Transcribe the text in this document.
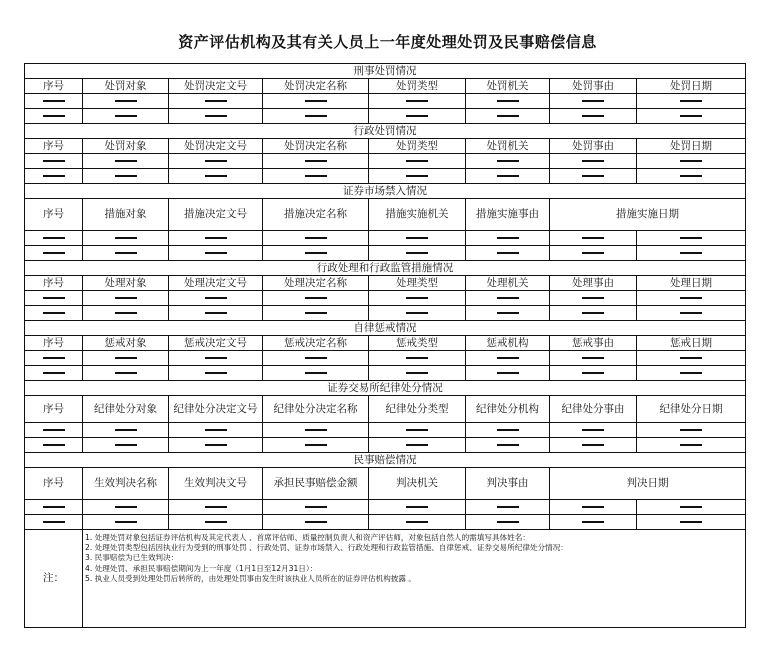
资产评估机构及其有关人员上一年度处理处罚及民事赔偿信息
刑事处罚情况							
序号	处罚对象	处罚决定文号	处罚决定名称	处罚类型	处罚机关	处罚事由	处罚日期

行政处罚情况							
序号	处罚对象	处罚决定文号	处罚决定名称	处罚类型	处罚机关	处罚事由	处罚日期

证券市场禁入情况							
序号	措施对象	措施决定文号	措施决定名称	措施实施机关	措施实施事由	措施实施日期	

行政处理和行政监管措施情况							
序号	处理对象	处理决定文号	处理决定名称	处理类型	处理机关	处理事由	处理日期

自律惩戒情况							
序号	惩戒对象	惩戒决定文号	惩戒决定名称	惩戒类型	惩戒机构	惩戒事由	惩戒日期

证券交易所纪律处分情况							
序号	纪律处分对象	纪律处分决定文号	纪律处分决定名称	纪律处分类型	纪律处分机构	纪律处分事由	纪律处分日期

民事赔偿情况							
序号	生效判决名称	生效判决文号	承担民事赔偿金额	判决机关	判决事由	判决日期	

注：	1. 处理处罚对象包括证券评估机构及其定代表人 、首席评估师、质量控制负责人和资产评估师，对象包括自然人的需填写具体姓名：
2. 处理处罚类型包括因执业行为受到的刑事处罚 、行政处罚、证券市场禁入、行政处理和行政监管措施、自律惩戒、证券交易所纪律处分情况：
3. 民事赔偿为已生效判决：
4. 处理处罚、承担民事赔偿期间为上一年度（1月1日至12月31日）：
5. 执业人员受到处理处罚后转所的，由处理处罚事由发生时该执业人员所在的证券评估机构披露 。						
